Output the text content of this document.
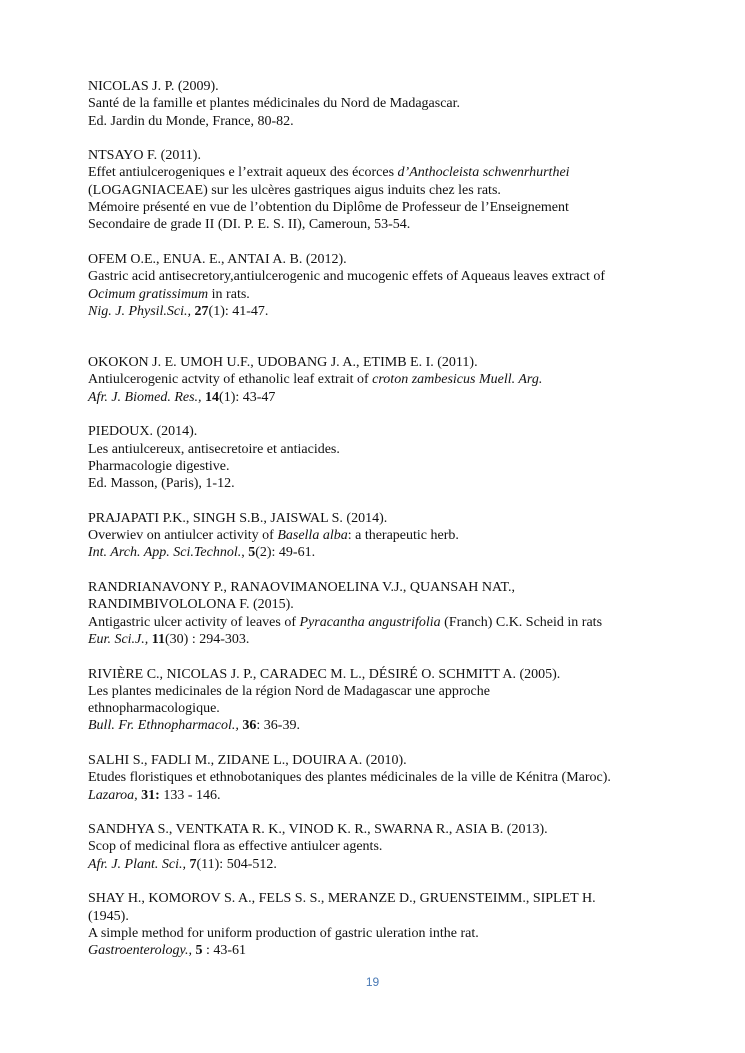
NICOLAS J. P. (2009).
Santé de la famille et plantes médicinales du Nord de Madagascar.
Ed. Jardin du Monde, France, 80-82.
NTSAYO F. (2011).
Effet antiulcerogeniques e l’extrait aqueux des écorces d’Anthocleista schwenrhurthei
(LOGAGNIACEAE) sur les ulcères gastriques aigus induits chez les rats.
Mémoire présenté en vue de l’obtention du Diplôme de Professeur de l’Enseignement
Secondaire de grade II (DI. P. E. S. II), Cameroun, 53-54.
OFEM O.E., ENUA. E., ANTAI A. B. (2012).
Gastric acid antisecretory,antiulcerogenic and mucogenic effets of Aqueaus leaves extract of
Ocimum gratissimum in rats.
Nig. J. Physil.Sci., 27(1): 41-47.
OKOKON J. E. UMOH U.F., UDOBANG J. A., ETIMB E. I. (2011).
Antiulcerogenic actvity of ethanolic leaf extrait of croton zambesicus Muell. Arg.
Afr. J. Biomed. Res., 14(1): 43-47
PIEDOUX. (2014).
Les antiulcereux, antisecretoire et antiacides.
Pharmacologie digestive.
Ed. Masson, (Paris), 1-12.
PRAJAPATI P.K., SINGH S.B., JAISWAL S. (2014).
Overwiev on antiulcer activity of Basella alba: a therapeutic herb.
Int. Arch. App. Sci.Technol., 5(2): 49-61.
RANDRIANAVONY P., RANAOVIMANOELINA V.J., QUANSAH NAT.,
RANDIMBIVOLOLONA F. (2015).
Antigastric ulcer activity of leaves of Pyracantha angustrifolia (Franch) C.K. Scheid in rats
Eur. Sci.J., 11(30) : 294-303.
RIVIÈRE C., NICOLAS J. P., CARADEC M. L., DÉSIRÉ O. SCHMITT A. (2005).
Les plantes medicinales de la région Nord de Madagascar une approche
ethnopharmacologique.
Bull. Fr. Ethnopharmacol., 36: 36-39.
SALHI S., FADLI M., ZIDANE L., DOUIRA A. (2010).
Etudes floristiques et ethnobotaniques des plantes médicinales de la ville de Kénitra (Maroc).
Lazaroa, 31: 133 - 146.
SANDHYA S., VENTKATA R. K., VINOD K. R., SWARNA R., ASIA B. (2013).
Scop of medicinal flora as effective antiulcer agents.
Afr. J. Plant. Sci., 7(11): 504-512.
SHAY H., KOMOROV S. A., FELS S. S., MERANZE D., GRUENSTEIMM., SIPLET H.
(1945).
A simple method for uniform production of gastric uleration inthe rat.
Gastroenterology., 5 : 43-61
19
